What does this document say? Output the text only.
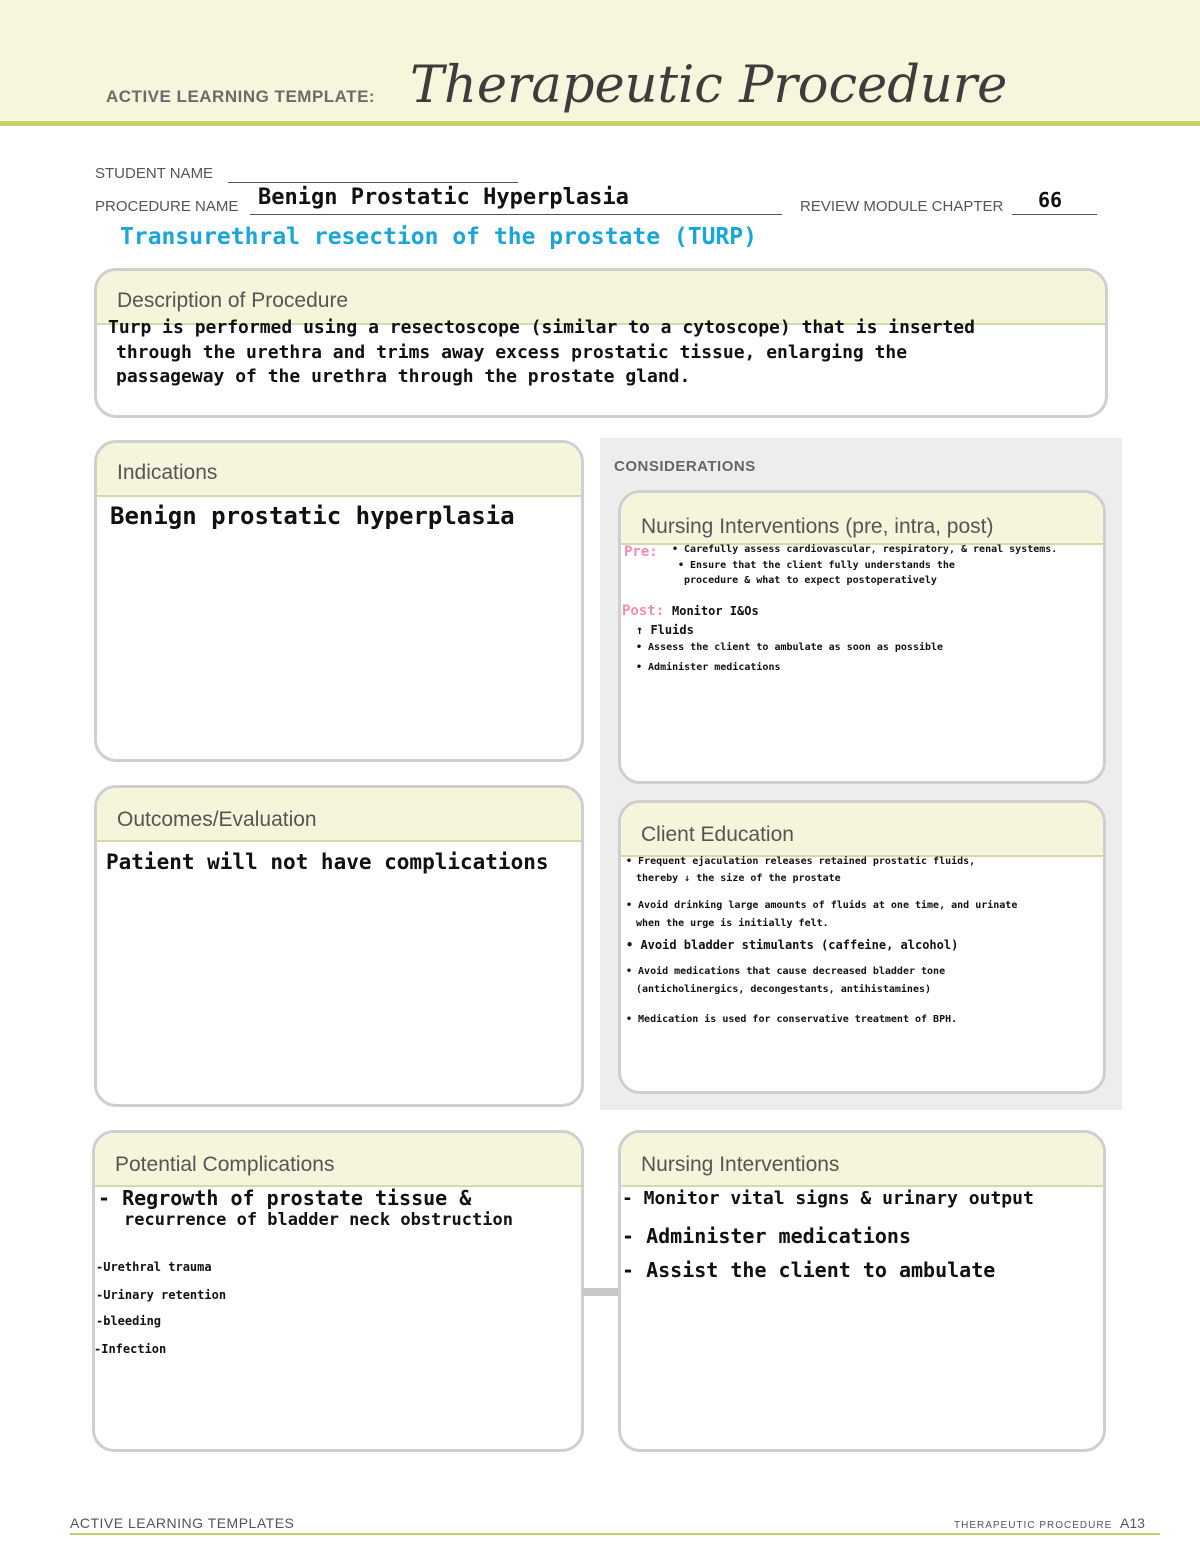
ACTIVE LEARNING TEMPLATE: Therapeutic Procedure
STUDENT NAME
PROCEDURE NAME Benign Prostatic Hyperplasia	REVIEW MODULE CHAPTER 66
Transurethral resection of the prostate (TURP)
Description of Procedure
Turp is performed using a resectoscope (similar to a cytoscope) that is inserted
through the urethra and trims away excess prostatic tissue, enlarging the
passageway of the urethra through the prostate gland.
Indications
Benign prostatic hyperplasia
CONSIDERATIONS
Nursing Interventions (pre, intra, post)
Pre: • Carefully assess cardiovascular, respiratory, & renal systems.
• Ensure that the client fully understands the
procedure & what to expect postoperatively
Post: Monitor I&Os
↑ Fluids
• Assess the client to ambulate as soon as possible
• Administer medications
Client Education
• Frequent ejaculation releases retained prostatic fluids,
thereby ↓ the size of the prostate
• Avoid drinking large amounts of fluids at one time, and urinate
when the urge is initially felt.
• Avoid bladder stimulants (caffeine, alcohol)
• Avoid medications that cause decreased bladder tone
(anticholinergics, decongestants, antihistamines)
• Medication is used for conservative treatment of BPH.
Outcomes/Evaluation
Patient will not have complications
Potential Complications
- Regrowth of prostate tissue &
recurrence of bladder neck obstruction
-Urethral trauma
-Urinary retention
-bleeding
-Infection
Nursing Interventions
- Monitor vital signs & urinary output
- Administer medications
- Assist the client to ambulate
ACTIVE LEARNING TEMPLATES	THERAPEUTIC PROCEDURE A13
